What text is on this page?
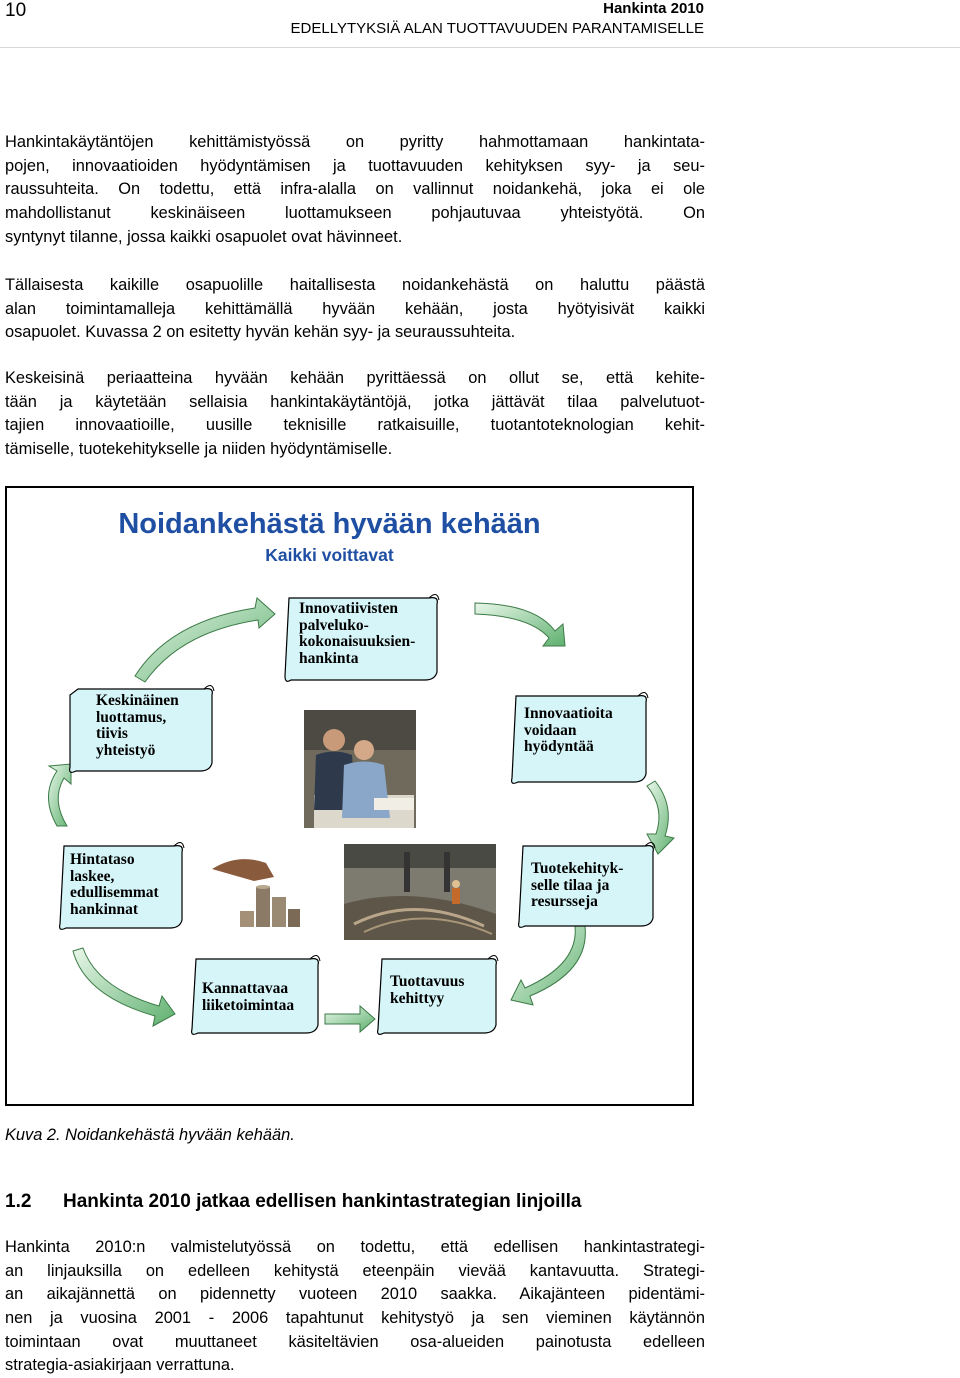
10	Hankinta 2010
EDELLYTYKSIÄ ALAN TUOTTAVUUDEN PARANTAMISELLE
Hankintakäytäntöjen kehittämistyössä on pyritty hahmottamaan hankintata-
pojen, innovaatioiden hyödyntämisen ja tuottavuuden kehityksen syy- ja seu-
raussuhteita. On todettu, että infra-alalla on vallinnut noidankehä, joka ei ole
mahdollistanut keskinäiseen luottamukseen pohjautuvaa yhteistyötä. On
syntynyt tilanne, jossa kaikki osapuolet ovat hävinneet.
Tällaisesta kaikille osapuolille haitallisesta noidankehästä on haluttu päästä
alan toimintamalleja kehittämällä hyvään kehään, josta hyötyisivät kaikki
osapuolet. Kuvassa 2 on esitetty hyvän kehän syy- ja seuraussuhteita.
Keskeisinä periaatteina hyvään kehään pyrittäessä on ollut se, että kehite-
tään ja käytetään sellaisia hankintakäytäntöjä, jotka jättävät tilaa palvelutuot-
tajien innovaatioille, uusille teknisille ratkaisuille, tuotantoteknologian kehit-
tämiselle, tuotekehitykselle ja niiden hyödyntämiselle.
Noidankehästä hyvään kehään
Kaikki voittavat
Innovatiivisten
palveluko-
kokonaisuuksien-
hankinta
Keskinäinen
luottamus,
tiivis
yhteistyö
Innovaatioita
voidaan
hyödyntää
Hintataso
laskee,
edullisemmat
hankinnat
Tuotekehityk-
selle tilaa ja
resursseja
Kannattavaa
liiketoimintaa
Tuottavuus
kehittyy
Kuva 2. Noidankehästä hyvään kehään.
1.2 Hankinta 2010 jatkaa edellisen hankintastrategian linjoilla
Hankinta 2010:n valmistelutyössä on todettu, että edellisen hankintastrategi-
an linjauksilla on edelleen kehitystä eteenpäin vievää kantavuutta. Strategi-
an aikajännettä on pidennetty vuoteen 2010 saakka. Aikajänteen pidentämi-
nen ja vuosina 2001 - 2006 tapahtunut kehitystyö ja sen vieminen käytännön
toimintaan ovat muuttaneet käsiteltävien osa-alueiden painotusta edelleen
strategia-asiakirjaan verrattuna.
